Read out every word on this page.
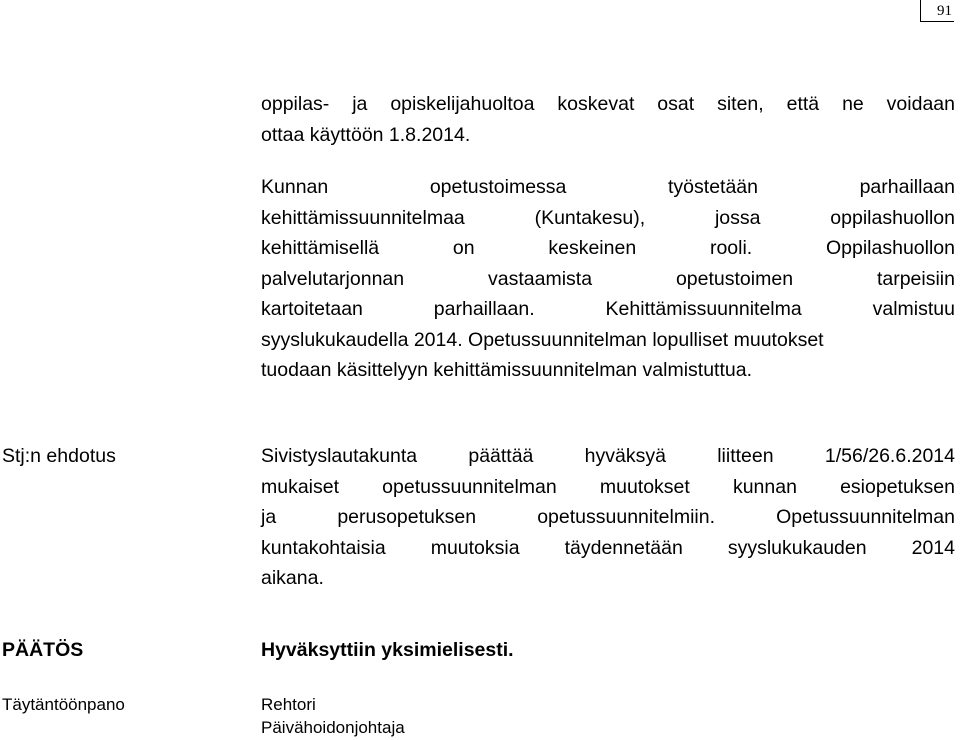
91
oppilas- ja opiskelijahuoltoa koskevat osat siten, että ne voidaan
ottaa käyttöön 1.8.2014.
Kunnan opetustoimessa työstetään parhaillaan
kehittämissuunnitelmaa (Kuntakesu), jossa oppilashuollon
kehittämisellä on keskeinen rooli. Oppilashuollon
palvelutarjonnan vastaamista opetustoimen tarpeisiin
kartoitetaan parhaillaan. Kehittämissuunnitelma valmistuu
syyslukukaudella 2014. Opetussuunnitelman lopulliset muutokset
tuodaan käsittelyyn kehittämissuunnitelman valmistuttua.
Stj:n ehdotus	Sivistyslautakunta päättää hyväksyä liitteen 1/56/26.6.2014
mukaiset opetussuunnitelman muutokset kunnan esiopetuksen
ja perusopetuksen opetussuunnitelmiin. Opetussuunnitelman
kuntakohtaisia muutoksia täydennetään syyslukukauden 2014
aikana.
PÄÄTÖS	Hyväksyttiin yksimielisesti.
Täytäntöönpano	Rehtori
Päivähoidonjohtaja
